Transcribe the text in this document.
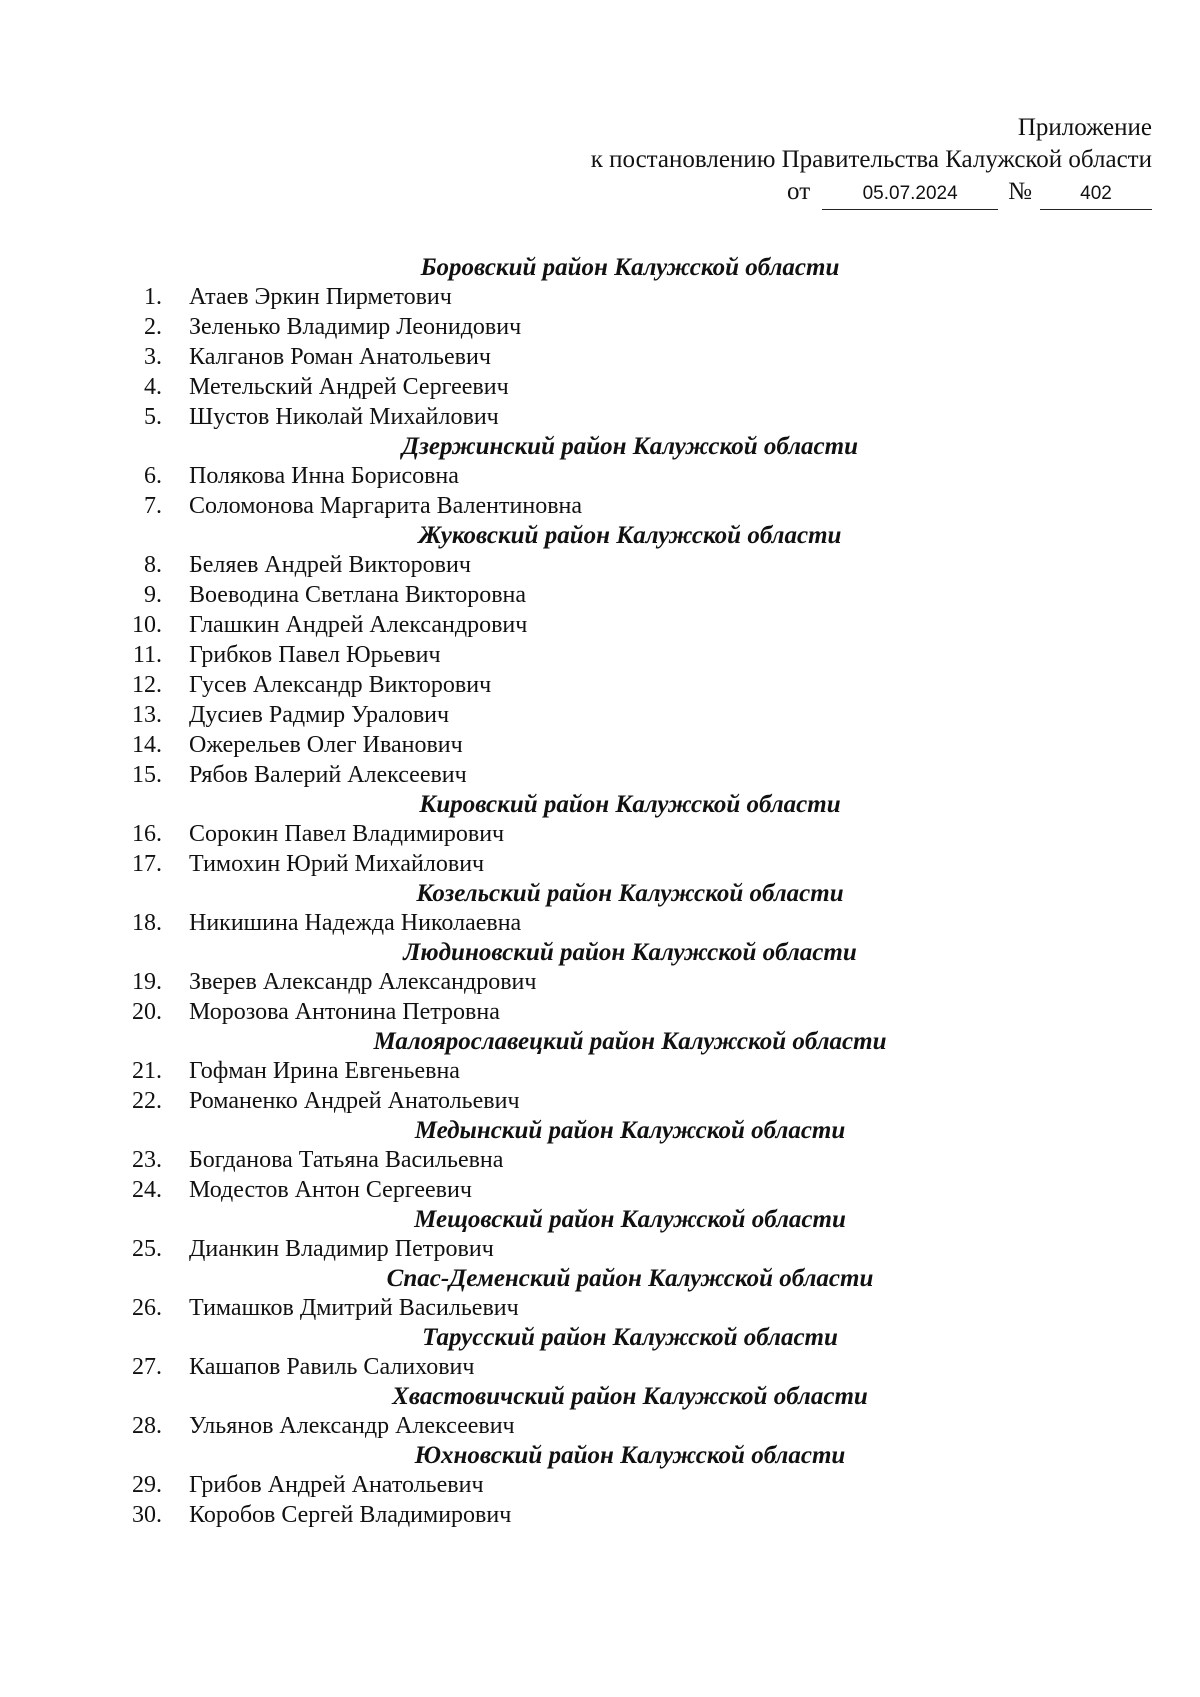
Приложение
к постановлению Правительства Калужской области
от	05.07.2024	№	402
Боровский район Калужской области
1. Атаев Эркин Пирметович
2. Зеленько Владимир Леонидович
3. Калганов Роман Анатольевич
4. Метельский Андрей Сергеевич
5. Шустов Николай Михайлович
Дзержинский район Калужской области
6. Полякова Инна Борисовна
7. Соломонова Маргарита Валентиновна
Жуковский район Калужской области
8. Беляев Андрей Викторович
9. Воеводина Светлана Викторовна
10. Глашкин Андрей Александрович
11. Грибков Павел Юрьевич
12. Гусев Александр Викторович
13. Дусиев Радмир Уралович
14. Ожерельев Олег Иванович
15. Рябов Валерий Алексеевич
Кировский район Калужской области
16. Сорокин Павел Владимирович
17. Тимохин Юрий Михайлович
Козельский район Калужской области
18. Никишина Надежда Николаевна
Людиновский район Калужской области
19. Зверев Александр Александрович
20. Морозова Антонина Петровна
Малоярославецкий район Калужской области
21. Гофман Ирина Евгеньевна
22. Романенко Андрей Анатольевич
Медынский район Калужской области
23. Богданова Татьяна Васильевна
24. Модестов Антон Сергеевич
Мещовский район Калужской области
25. Дианкин Владимир Петрович
Спас-Деменский район Калужской области
26. Тимашков Дмитрий Васильевич
Тарусский район Калужской области
27. Кашапов Равиль Салихович
Хвастовичский район Калужской области
28. Ульянов Александр Алексеевич
Юхновский район Калужской области
29. Грибов Андрей Анатольевич
30. Коробов Сергей Владимирович
